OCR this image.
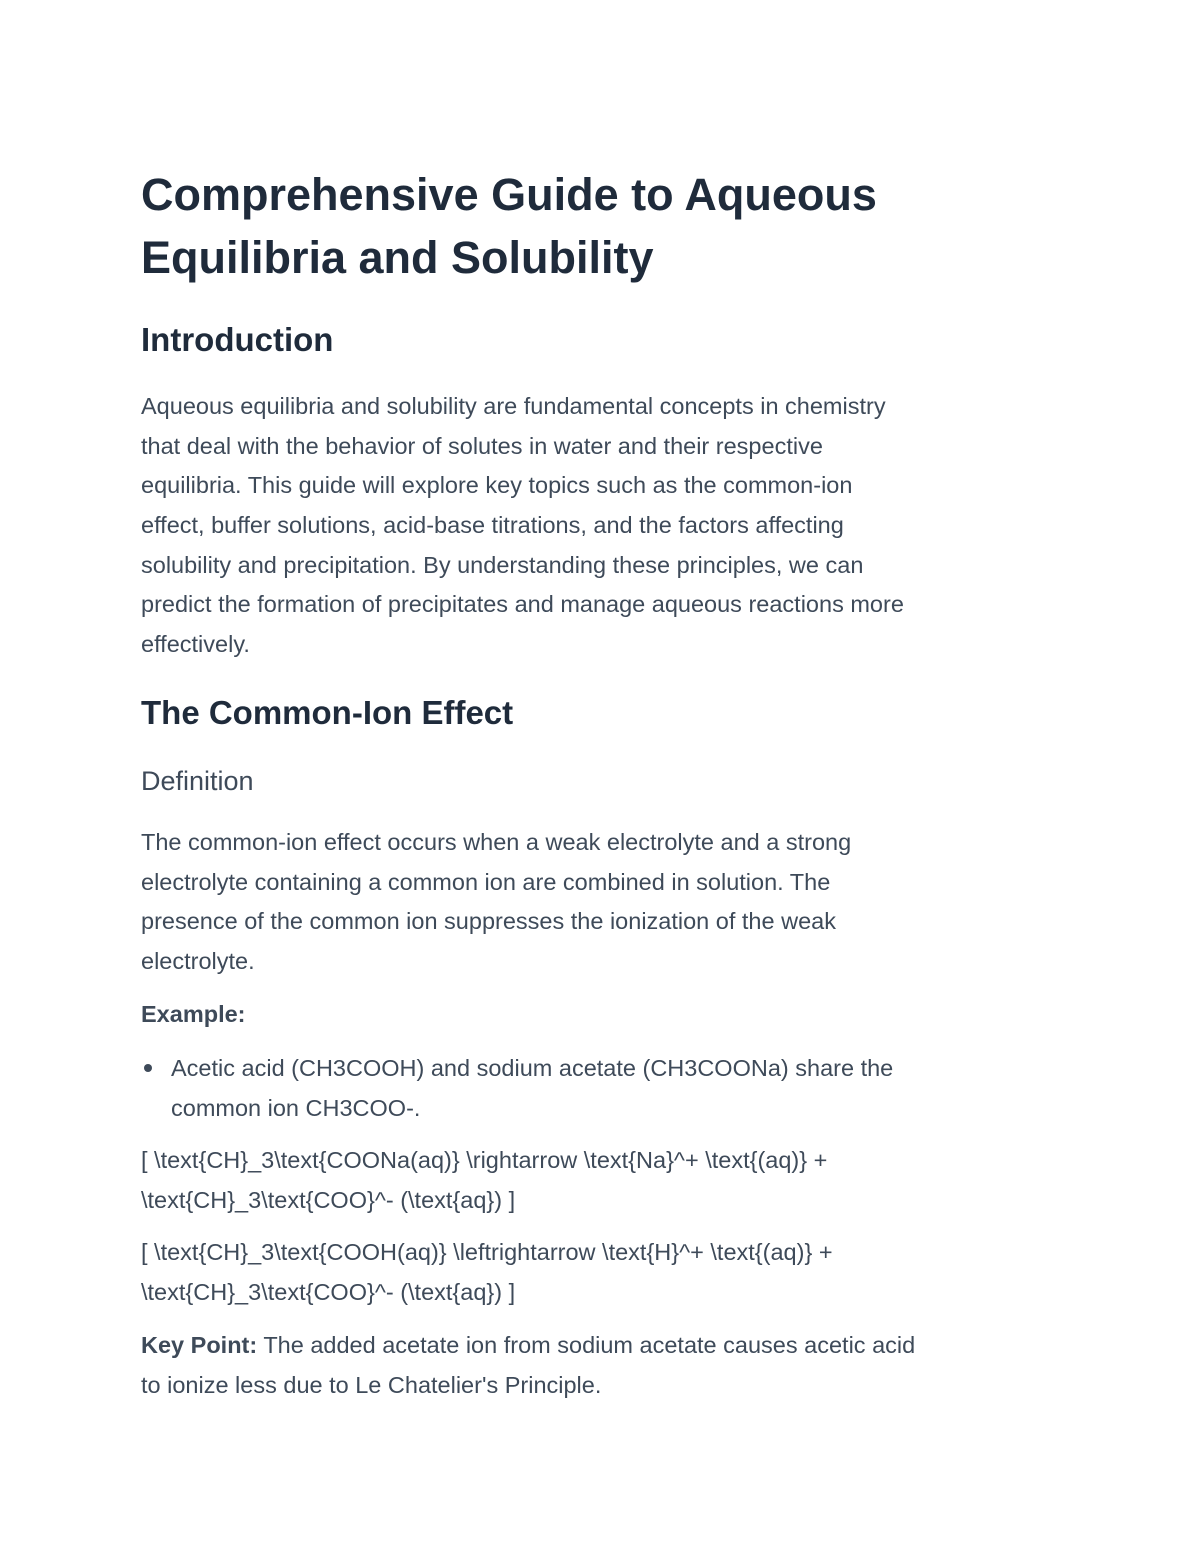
Comprehensive Guide to Aqueous
Equilibria and Solubility
Introduction
Aqueous equilibria and solubility are fundamental concepts in chemistry
that deal with the behavior of solutes in water and their respective
equilibria. This guide will explore key topics such as the common-ion
effect, buffer solutions, acid-base titrations, and the factors affecting
solubility and precipitation. By understanding these principles, we can
predict the formation of precipitates and manage aqueous reactions more
effectively.
The Common-Ion Effect
Definition
The common-ion effect occurs when a weak electrolyte and a strong
electrolyte containing a common ion are combined in solution. The
presence of the common ion suppresses the ionization of the weak
electrolyte.
Example:
Acetic acid (CH3COOH) and sodium acetate (CH3COONa) share the
common ion CH3COO-.
[ \text{CH}_3\text{COONa(aq)} \rightarrow \text{Na}^+ \text{(aq)} +
\text{CH}_3\text{COO}^- (\text{aq}) ]
[ \text{CH}_3\text{COOH(aq)} \leftrightarrow \text{H}^+ \text{(aq)} +
\text{CH}_3\text{COO}^- (\text{aq}) ]
Key Point: The added acetate ion from sodium acetate causes acetic acid
to ionize less due to Le Chatelier's Principle.
